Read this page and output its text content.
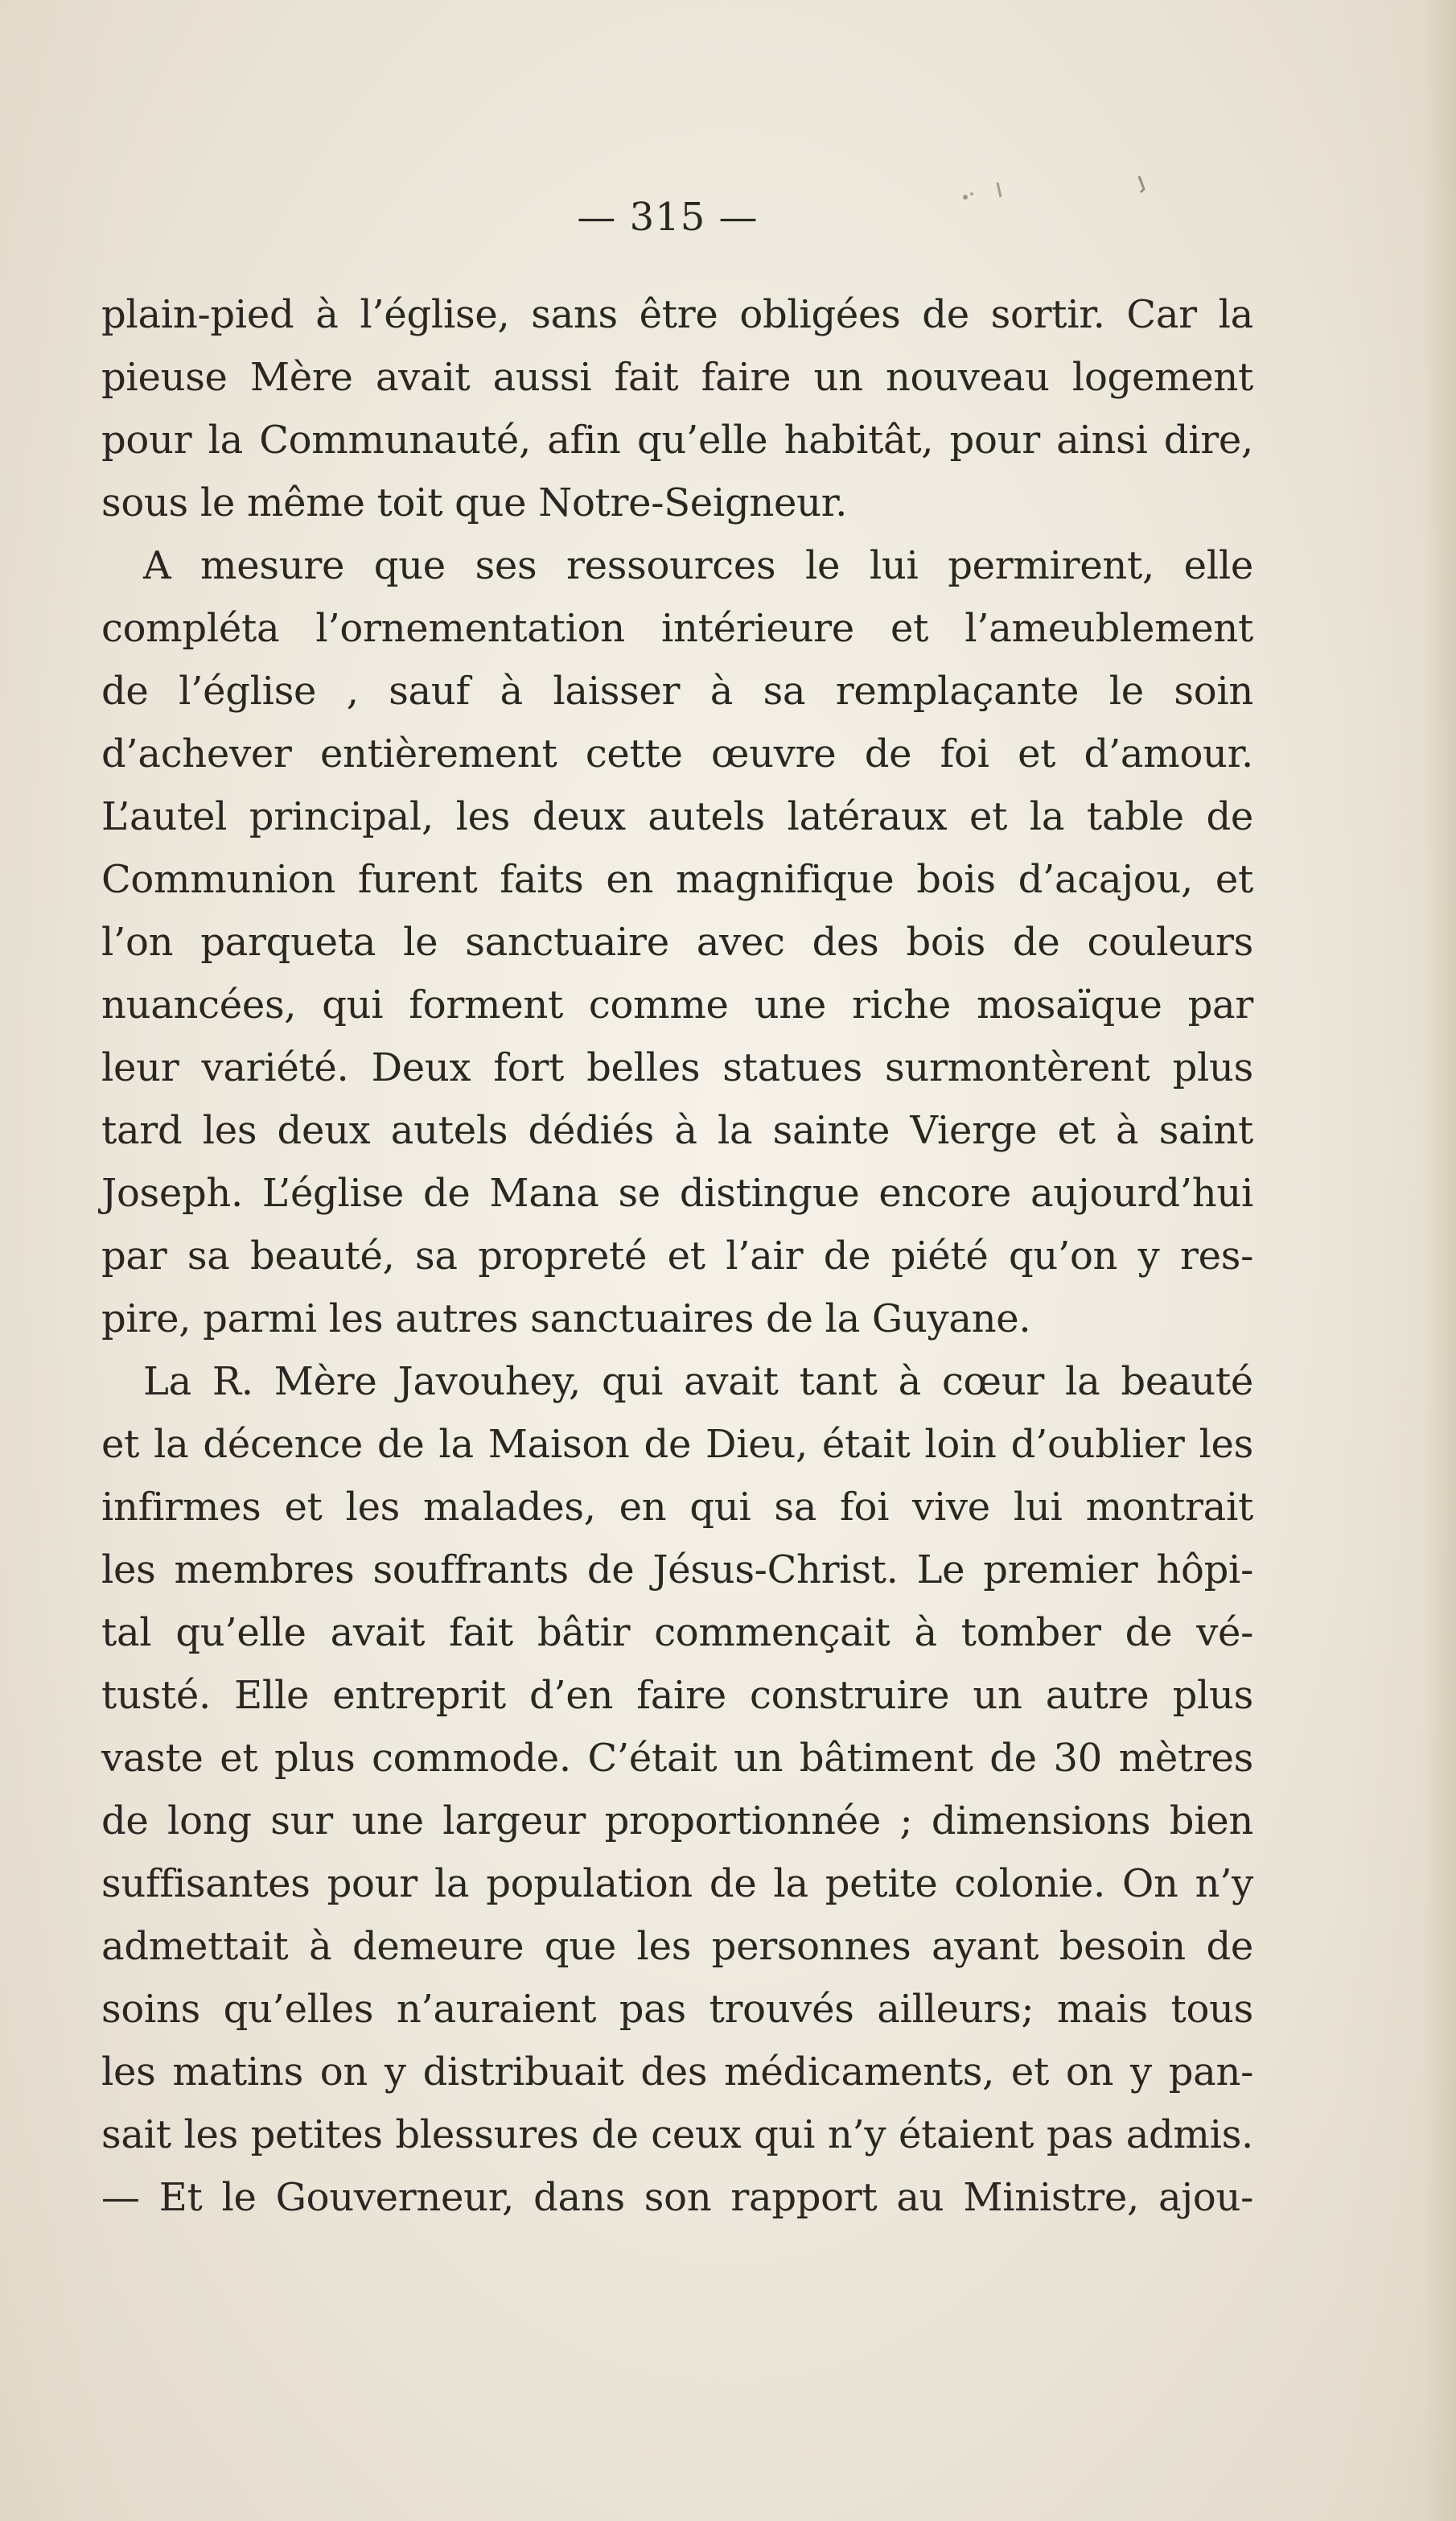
— 315 —
plain-pied à l’église, sans être obligées de sortir. Car la
pieuse Mère avait aussi fait faire un nouveau logement
pour la Communauté, afin qu’elle habitât, pour ainsi dire,
sous le même toit que Notre-Seigneur.
A mesure que ses ressources le lui permirent, elle
compléta l’ornementation intérieure et l’ameublement
de l’église , sauf à laisser à sa remplaçante le soin
d’achever entièrement cette œuvre de foi et d’amour.
L’autel principal, les deux autels latéraux et la table de
Communion furent faits en magnifique bois d’acajou, et
l’on parqueta le sanctuaire avec des bois de couleurs
nuancées, qui forment comme une riche mosaïque par
leur variété. Deux fort belles statues surmontèrent plus
tard les deux autels dédiés à la sainte Vierge et à saint
Joseph. L’église de Mana se distingue encore aujourd’hui
par sa beauté, sa propreté et l’air de piété qu’on y res-
pire, parmi les autres sanctuaires de la Guyane.
La R. Mère Javouhey, qui avait tant à cœur la beauté
et la décence de la Maison de Dieu, était loin d’oublier les
infirmes et les malades, en qui sa foi vive lui montrait
les membres souffrants de Jésus-Christ. Le premier hôpi-
tal qu’elle avait fait bâtir commençait à tomber de vé-
tusté. Elle entreprit d’en faire construire un autre plus
vaste et plus commode. C’était un bâtiment de 30 mètres
de long sur une largeur proportionnée ; dimensions bien
suffisantes pour la population de la petite colonie. On n’y
admettait à demeure que les personnes ayant besoin de
soins qu’elles n’auraient pas trouvés ailleurs; mais tous
les matins on y distribuait des médicaments, et on y pan-
sait les petites blessures de ceux qui n’y étaient pas admis.
— Et le Gouverneur, dans son rapport au Ministre, ajou-
